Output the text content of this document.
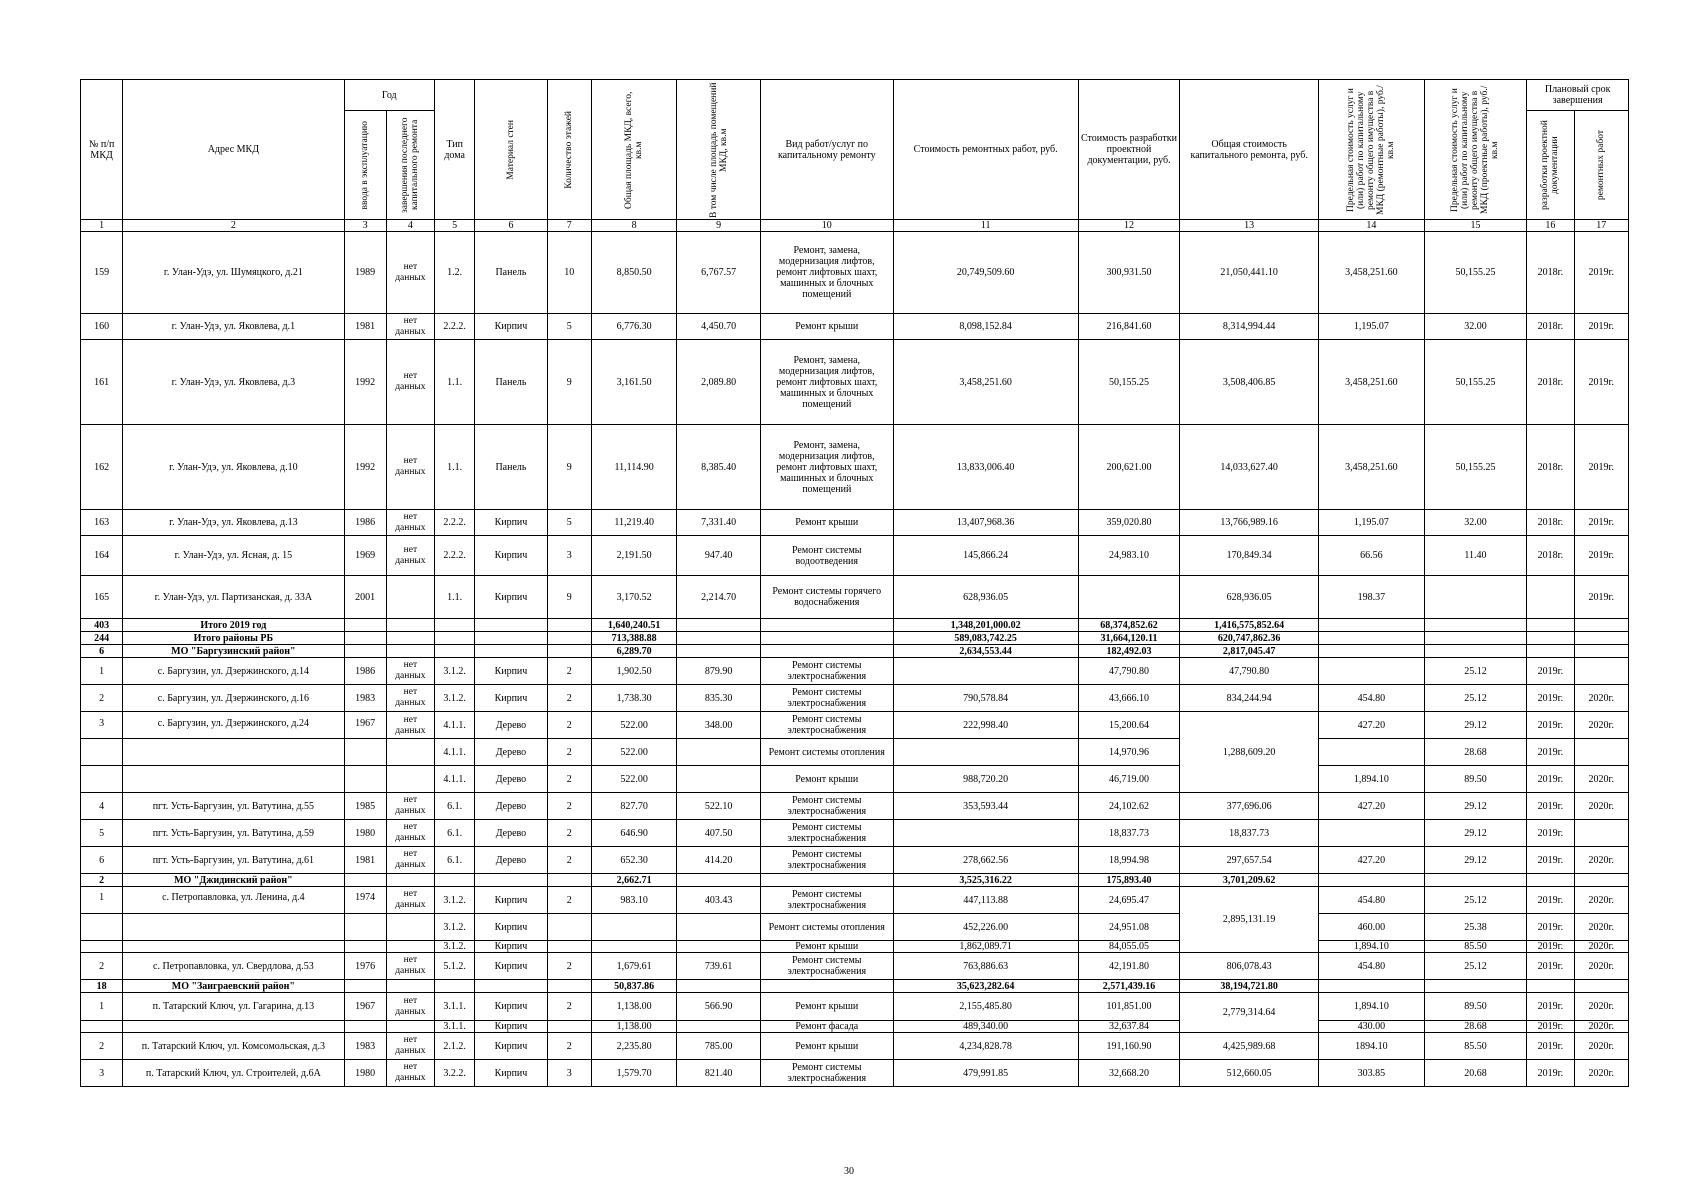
№ п/п МКД	Адрес МКД	Год		Тип дома	Материал стен	Количество этажей	Общая площадь МКД, всего, кв.м	В том числе площадь помещений МКД, кв.м	Вид работ/услуг по капитальному ремонту	Стоимость ремонтных работ, руб.	Стоимость разработки проектной документации, руб.	Общая стоимость капитального ремонта, руб.	Предельная стоимость услуг и (или) работ по капитальному ремонту общего имущества в МКД (ремонтные работы), руб./кв.м	Предельная стоимость услуг и (или) работ по капитальному ремонту общего имущества в МКД (проектные работы), руб./кв.м	Плановый срок завершения	

		ввода в эксплуатацию	завершения последнего капитального ремонта												разработки проектной документации	ремонтных работ

1	2	3	4	5	6	7	8	9	10	11	12	13	14	15	16	17
159	г. Улан-Удэ, ул. Шумяцкого, д.21	1989	нет данных	1.2.	Панель	10	8,850.50	6,767.57	Ремонт, замена, модернизация лифтов, ремонт лифтовых шахт, машинных и блочных помещений	20,749,509.60	300,931.50	21,050,441.10	3,458,251.60	50,155.25	2018г.	2019г.
160	г. Улан-Удэ, ул. Яковлева, д.1	1981	нет данных	2.2.2.	Кирпич	5	6,776.30	4,450.70	Ремонт крыши	8,098,152.84	216,841.60	8,314,994.44	1,195.07	32.00	2018г.	2019г.
161	г. Улан-Удэ, ул. Яковлева, д.3	1992	нет данных	1.1.	Панель	9	3,161.50	2,089.80	Ремонт, замена, модернизация лифтов, ремонт лифтовых шахт, машинных и блочных помещений	3,458,251.60	50,155.25	3,508,406.85	3,458,251.60	50,155.25	2018г.	2019г.
162	г. Улан-Удэ, ул. Яковлева, д.10	1992	нет данных	1.1.	Панель	9	11,114.90	8,385.40	Ремонт, замена, модернизация лифтов, ремонт лифтовых шахт, машинных и блочных помещений	13,833,006.40	200,621.00	14,033,627.40	3,458,251.60	50,155.25	2018г.	2019г.
163	г. Улан-Удэ, ул. Яковлева, д.13	1986	нет данных	2.2.2.	Кирпич	5	11,219.40	7,331.40	Ремонт крыши	13,407,968.36	359,020.80	13,766,989.16	1,195.07	32.00	2018г.	2019г.
164	г. Улан-Удэ, ул. Ясная, д. 15	1969	нет данных	2.2.2.	Кирпич	3	2,191.50	947.40	Ремонт системы водоотведения	145,866.24	24,983.10	170,849.34	66.56	11.40	2018г.	2019г.
165	г. Улан-Удэ, ул. Партизанская, д. 33А	2001		1.1.	Кирпич	9	3,170.52	2,214.70	Ремонт системы горячего водоснабжения	628,936.05		628,936.05	198.37			2019г.
403	Итого 2019 год						1,640,240.51			1,348,201,000.02	68,374,852.62	1,416,575,852.64				
244	Итого районы РБ						713,388.88			589,083,742.25	31,664,120.11	620,747,862.36				
6	МО "Баргузинский район"						6,289.70			2,634,553.44	182,492.03	2,817,045.47				
1	с. Баргузин, ул. Дзержинского, д.14	1986	нет данных	3.1.2.	Кирпич	2	1,902.50	879.90	Ремонт системы электроснабжения		47,790.80	47,790.80		25.12	2019г.	
2	с. Баргузин, ул. Дзержинского, д.16	1983	нет данных	3.1.2.	Кирпич	2	1,738.30	835.30	Ремонт системы электроснабжения	790,578.84	43,666.10	834,244.94	454.80	25.12	2019г.	2020г.
3	с. Баргузин, ул. Дзержинского, д.24	1967	нет данных	4.1.1.	Дерево	2	522.00	348.00	Ремонт системы электроснабжения	222,998.40	15,200.64	1,288,609.20	427.20	29.12	2019г.	2020г.
				4.1.1.	Дерево	2	522.00		Ремонт системы отопления		14,970.96			28.68	2019г.	
				4.1.1.	Дерево	2	522.00		Ремонт крыши	988,720.20	46,719.00		1,894.10	89.50	2019г.	2020г.
4	пгт. Усть-Баргузин, ул. Ватутина, д.55	1985	нет данных	6.1.	Дерево	2	827.70	522.10	Ремонт системы электроснабжения	353,593.44	24,102.62	377,696.06	427.20	29.12	2019г.	2020г.
5	пгт. Усть-Баргузин, ул. Ватутина, д.59	1980	нет данных	6.1.	Дерево	2	646.90	407.50	Ремонт системы электроснабжения		18,837.73	18,837.73		29.12	2019г.	
6	пгт. Усть-Баргузин, ул. Ватутина, д.61	1981	нет данных	6.1.	Дерево	2	652.30	414.20	Ремонт системы электроснабжения	278,662.56	18,994.98	297,657.54	427.20	29.12	2019г.	2020г.
2	МО "Джидинский район"						2,662.71			3,525,316.22	175,893.40	3,701,209.62				
1	с. Петропавловка, ул. Ленина, д.4	1974	нет данных	3.1.2.	Кирпич	2	983.10	403.43	Ремонт системы электроснабжения	447,113.88	24,695.47	2,895,131.19	454.80	25.12	2019г.	2020г.
				3.1.2.	Кирпич				Ремонт системы отопления	452,226.00	24,951.08		460.00	25.38	2019г.	2020г.
				3.1.2.	Кирпич				Ремонт крыши	1,862,089.71	84,055.05		1,894.10	85.50	2019г.	2020г.
2	с. Петропавловка, ул. Свердлова, д.53	1976	нет данных	5.1.2.	Кирпич	2	1,679.61	739.61	Ремонт системы электроснабжения	763,886.63	42,191.80	806,078.43	454.80	25.12	2019г.	2020г.
18	МО "Заиграевский район"						50,837.86			35,623,282.64	2,571,439.16	38,194,721.80				
1	п. Татарский Ключ, ул. Гагарина, д.13	1967	нет данных	3.1.1.	Кирпич	2	1,138.00	566.90	Ремонт крыши	2,155,485.80	101,851.00	2,779,314.64	1,894.10	89.50	2019г.	2020г.
				3.1.1.	Кирпич		1,138.00		Ремонт фасада	489,340.00	32,637.84		430.00	28.68	2019г.	2020г.
2	п. Татарский Ключ, ул. Комсомольская, д.3	1983	нет данных	2.1.2.	Кирпич	2	2,235.80	785.00	Ремонт крыши	4,234,828.78	191,160.90	4,425,989.68	1894.10	85.50	2019г.	2020г.
3	п. Татарский Ключ, ул. Строителей, д.6А	1980	нет данных	3.2.2.	Кирпич	3	1,579.70	821.40	Ремонт системы электроснабжения	479,991.85	32,668.20	512,660.05	303.85	20.68	2019г.	2020г.
30
